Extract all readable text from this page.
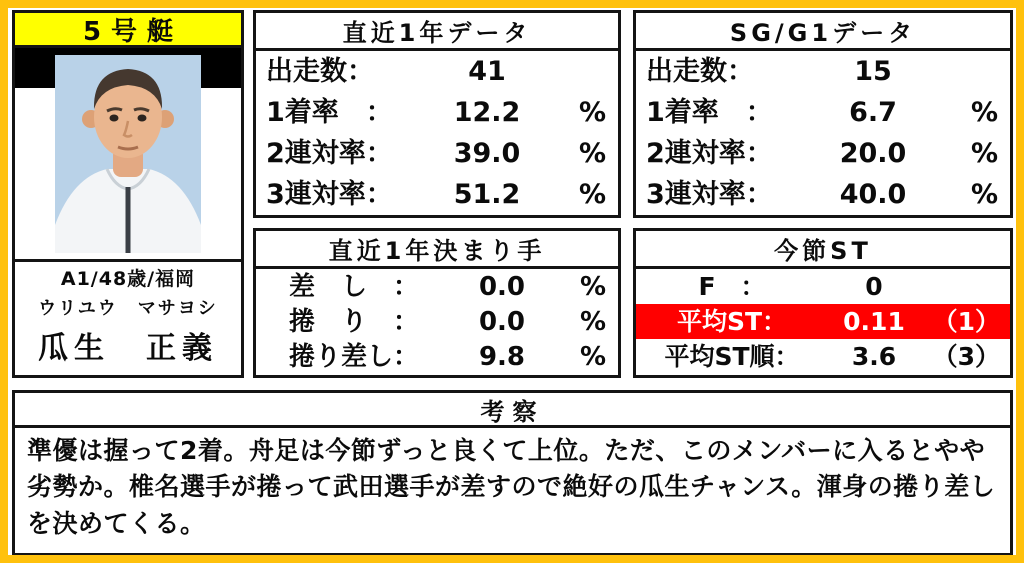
5号艇
A1/48歳/福岡
ウリユウ　マサヨシ
瓜生　正義
直近1年データ
出走数：	41
1着率　：	12.2	%
2連対率：	39.0	%
3連対率：	51.2	%
SG/G1データ
出走数：	15
1着率　：	6.7	%
2連対率：	20.0	%
3連対率：	40.0	%
直近1年決まり手
差　し　：	0.0	%
捲　り　：	0.0	%
捲り差し：	9.8	%
今節ST
F　：	0
平均ST：	0.11	（1）
平均ST順：	3.6	（3）
考察
準優は握って2着。舟足は今節ずっと良くて上位。ただ、このメンバーに入るとやや劣勢か。椎名選手が捲って武田選手が差すので絶好の瓜生チャンス。渾身の捲り差しを決めてくる。
